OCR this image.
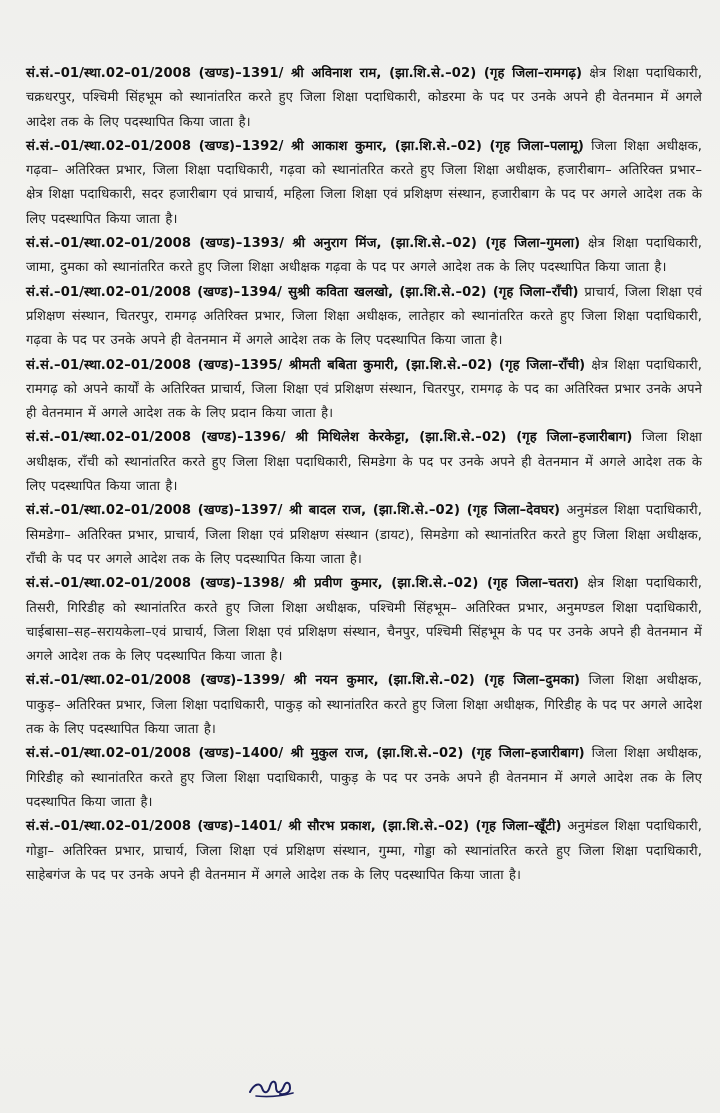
सं.सं.–01/स्था.02–01/2008 (खण्ड)–1391/ श्री अविनाश राम, (झा.शि.से.–02) (गृह जिला–रामगढ़) क्षेत्र शिक्षा पदाधिकारी, चक्रधरपुर, पश्चिमी सिंहभूम को स्थानांतरित करते हुए जिला शिक्षा पदाधिकारी, कोडरमा के पद पर उनके अपने ही वेतनमान में अगले आदेश तक के लिए पदस्थापित किया जाता है।

सं.सं.–01/स्था.02–01/2008 (खण्ड)–1392/ श्री आकाश कुमार, (झा.शि.से.–02) (गृह जिला–पलामू) जिला शिक्षा अधीक्षक, गढ़वा– अतिरिक्त प्रभार, जिला शिक्षा पदाधिकारी, गढ़वा को स्थानांतरित करते हुए जिला शिक्षा अधीक्षक, हजारीबाग– अतिरिक्त प्रभार– क्षेत्र शिक्षा पदाधिकारी, सदर हजारीबाग एवं प्राचार्य, महिला जिला शिक्षा एवं प्रशिक्षण संस्थान, हजारीबाग के पद पर अगले आदेश तक के लिए पदस्थापित किया जाता है।

सं.सं.–01/स्था.02–01/2008 (खण्ड)–1393/ श्री अनुराग मिंज, (झा.शि.से.–02) (गृह जिला–गुमला) क्षेत्र शिक्षा पदाधिकारी, जामा, दुमका को स्थानांतरित करते हुए जिला शिक्षा अधीक्षक गढ़वा के पद पर अगले आदेश तक के लिए पदस्थापित किया जाता है।

सं.सं.–01/स्था.02–01/2008 (खण्ड)–1394/ सुश्री कविता खलखो, (झा.शि.से.–02) (गृह जिला–राँची) प्राचार्य, जिला शिक्षा एवं प्रशिक्षण संस्थान, चितरपुर, रामगढ़ अतिरिक्त प्रभार, जिला शिक्षा अधीक्षक, लातेहार को स्थानांतरित करते हुए जिला शिक्षा पदाधिकारी, गढ़वा के पद पर उनके अपने ही वेतनमान में अगले आदेश तक के लिए पदस्थापित किया जाता है।

सं.सं.–01/स्था.02–01/2008 (खण्ड)–1395/ श्रीमती बबिता कुमारी, (झा.शि.से.–02) (गृह जिला–राँची) क्षेत्र शिक्षा पदाधिकारी, रामगढ़ को अपने कार्यों के अतिरिक्त प्राचार्य, जिला शिक्षा एवं प्रशिक्षण संस्थान, चितरपुर, रामगढ़ के पद का अतिरिक्त प्रभार उनके अपने ही वेतनमान में अगले आदेश तक के लिए प्रदान किया जाता है।

सं.सं.–01/स्था.02–01/2008 (खण्ड)–1396/ श्री मिथिलेश केरकेट्टा, (झा.शि.से.–02) (गृह जिला–हजारीबाग) जिला शिक्षा अधीक्षक, राँची को स्थानांतरित करते हुए जिला शिक्षा पदाधिकारी, सिमडेगा के पद पर उनके अपने ही वेतनमान में अगले आदेश तक के लिए पदस्थापित किया जाता है।

सं.सं.–01/स्था.02–01/2008 (खण्ड)–1397/ श्री बादल राज, (झा.शि.से.–02) (गृह जिला–देवघर) अनुमंडल शिक्षा पदाधिकारी, सिमडेगा– अतिरिक्त प्रभार, प्राचार्य, जिला शिक्षा एवं प्रशिक्षण संस्थान (डायट), सिमडेगा को स्थानांतरित करते हुए जिला शिक्षा अधीक्षक, राँची के पद पर अगले आदेश तक के लिए पदस्थापित किया जाता है।

सं.सं.–01/स्था.02–01/2008 (खण्ड)–1398/ श्री प्रवीण कुमार, (झा.शि.से.–02) (गृह जिला–चतरा) क्षेत्र शिक्षा पदाधिकारी, तिसरी, गिरिडीह को स्थानांतरित करते हुए जिला शिक्षा अधीक्षक, पश्चिमी सिंहभूम– अतिरिक्त प्रभार, अनुमण्डल शिक्षा पदाधिकारी, चाईबासा–सह–सरायकेला–एवं प्राचार्य, जिला शिक्षा एवं प्रशिक्षण संस्थान, चैनपुर, पश्चिमी सिंहभूम के पद पर उनके अपने ही वेतनमान में अगले आदेश तक के लिए पदस्थापित किया जाता है।

सं.सं.–01/स्था.02–01/2008 (खण्ड)–1399/ श्री नयन कुमार, (झा.शि.से.–02) (गृह जिला–दुमका) जिला शिक्षा अधीक्षक, पाकुड़– अतिरिक्त प्रभार, जिला शिक्षा पदाधिकारी, पाकुड़ को स्थानांतरित करते हुए जिला शिक्षा अधीक्षक, गिरिडीह के पद पर अगले आदेश तक के लिए पदस्थापित किया जाता है।

सं.सं.–01/स्था.02–01/2008 (खण्ड)–1400/ श्री मुकुल राज, (झा.शि.से.–02) (गृह जिला–हजारीबाग) जिला शिक्षा अधीक्षक, गिरिडीह को स्थानांतरित करते हुए जिला शिक्षा पदाधिकारी, पाकुड़ के पद पर उनके अपने ही वेतनमान में अगले आदेश तक के लिए पदस्थापित किया जाता है।

सं.सं.–01/स्था.02–01/2008 (खण्ड)–1401/ श्री सौरभ प्रकाश, (झा.शि.से.–02) (गृह जिला–खूँटी) अनुमंडल शिक्षा पदाधिकारी, गोड्डा– अतिरिक्त प्रभार, प्राचार्य, जिला शिक्षा एवं प्रशिक्षण संस्थान, गुम्मा, गोड्डा को स्थानांतरित करते हुए जिला शिक्षा पदाधिकारी, साहेबगंज के पद पर उनके अपने ही वेतनमान में अगले आदेश तक के लिए पदस्थापित किया जाता है।
